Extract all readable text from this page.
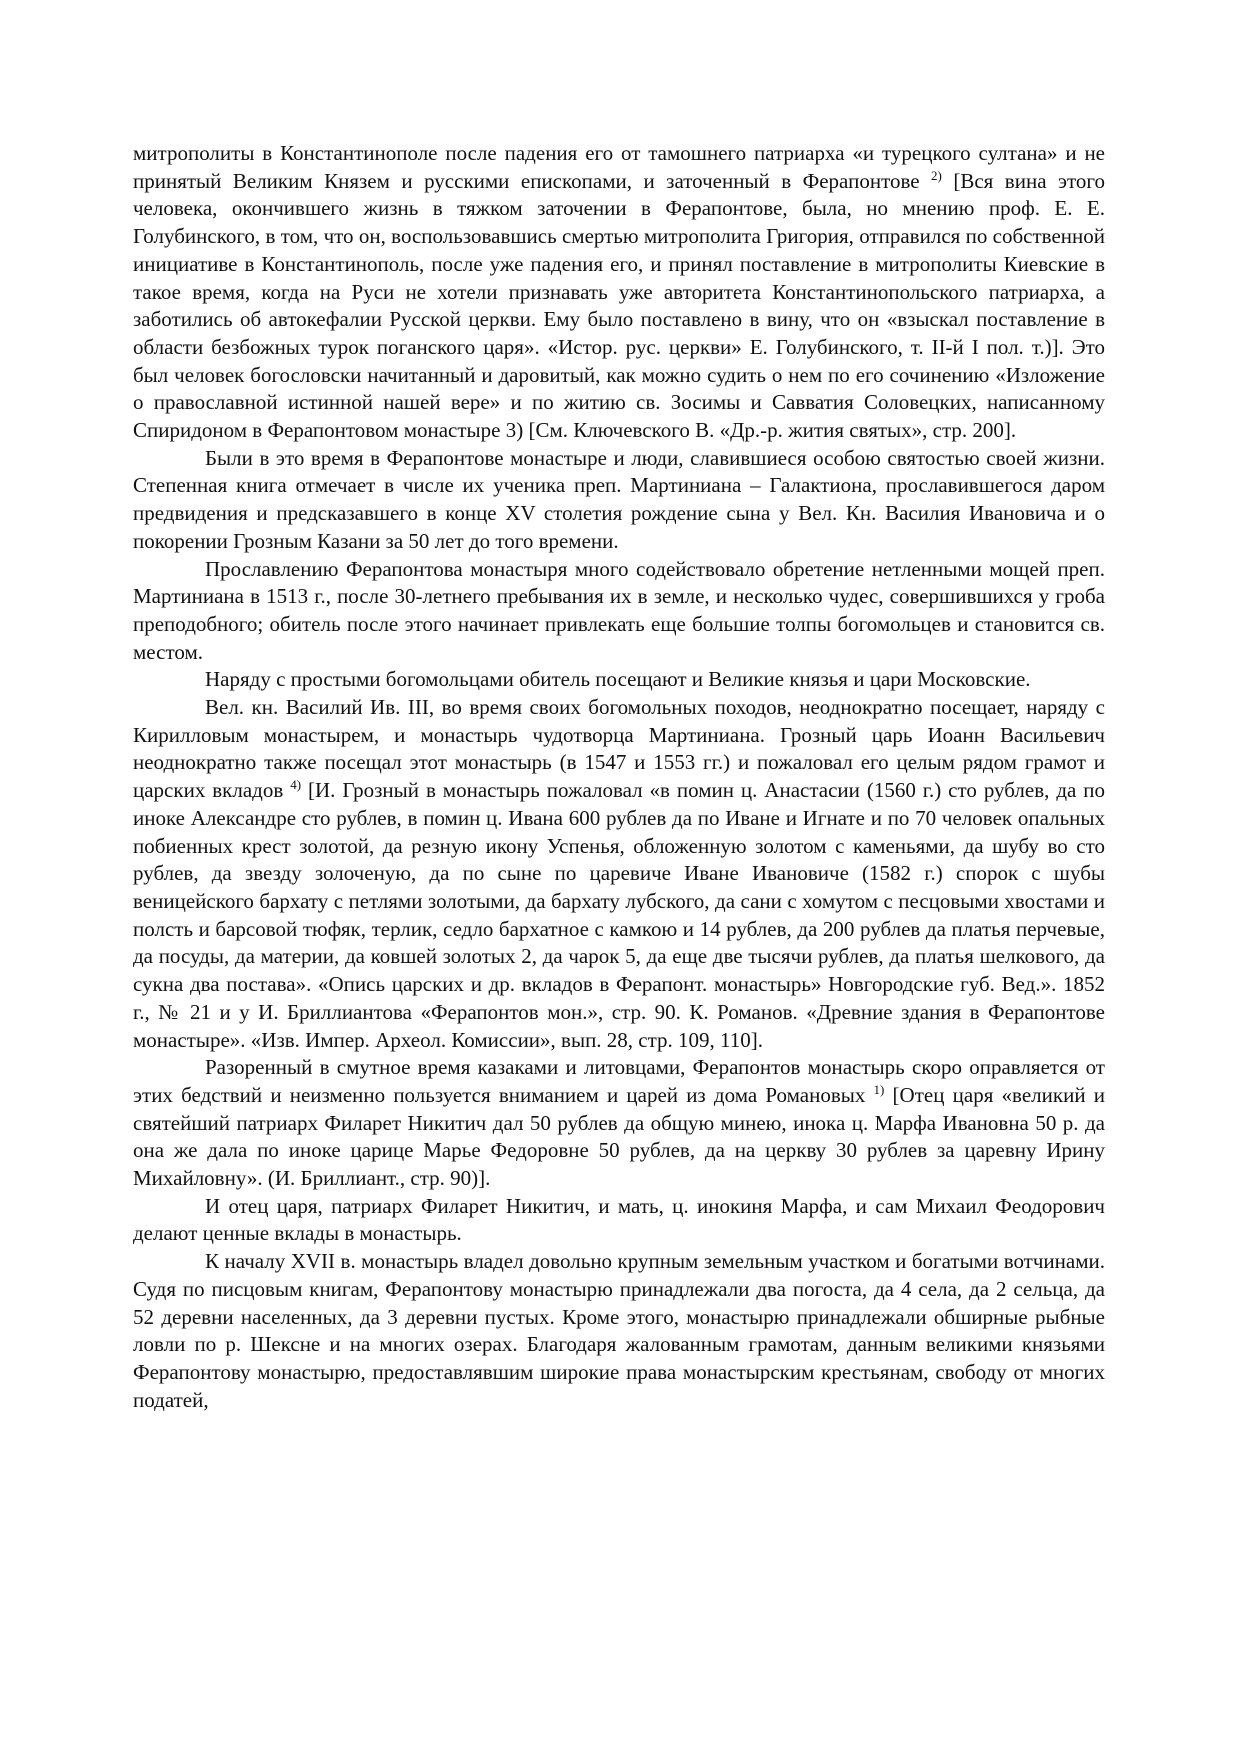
митрополиты в Константинополе после падения его от тамошнего патриарха «и турецкого султана» и не принятый Великим Князем и русскими епископами, и заточенный в Ферапонтове $^{2)}$ [Вся вина этого человека, окончившего жизнь в тяжком заточении в Ферапонтове, была, но мнению проф. Е. Е. Голубинского, в том, что он, воспользовавшись смертью митрополита Григория, отправился по собственной инициативе в Константинополь, после уже падения его, и принял поставление в митрополиты Киевские в такое время, когда на Руси не хотели признавать уже авторитета Константинопольского патриарха, а заботились об автокефалии Русской церкви. Ему было поставлено в вину, что он «взыскал поставление в области безбожных турок поганского царя». «Истор. рус. церкви» Е. Голубинского, т. II-й I пол. т.)]. Это был человек богословски начитанный и даровитый, как можно судить о нем по его сочинению «Изложение о православной истинной нашей вере» и по житию св. Зосимы и Савватия Соловецких, написанному Спиридоном в Ферапонтовом монастыре 3) [См. Ключевского В. «Др.-р. жития святых», стр. 200].

Были в это время в Ферапонтове монастыре и люди, славившиеся особою святостью своей жизни. Степенная книга отмечает в числе их ученика преп. Мартиниана – Галактиона, прославившегося даром предвидения и предсказавшего в конце XV столетия рождение сына у Вел. Кн. Василия Ивановича и о покорении Грозным Казани за 50 лет до того времени.

Прославлению Ферапонтова монастыря много содействовало обретение нетленными мощей преп. Мартиниана в 1513 г., после 30-летнего пребывания их в земле, и несколько чудес, совершившихся у гроба преподобного; обитель после этого начинает привлекать еще большие толпы богомольцев и становится св. местом.

Наряду с простыми богомольцами обитель посещают и Великие князья и цари Московские.

Вел. кн. Василий Ив. III, во время своих богомольных походов, неоднократно посещает, наряду с Кирилловым монастырем, и монастырь чудотворца Мартиниана. Грозный царь Иоанн Васильевич неоднократно также посещал этот монастырь (в 1547 и 1553 гг.) и пожаловал его целым рядом грамот и царских вкладов $^{4)}$ [И. Грозный в монастырь пожаловал «в помин ц. Анастасии (1560 г.) сто рублев, да по иноке Александре сто рублев, в помин ц. Ивана 600 рублев да по Иване и Игнате и по 70 человек опальных побиенных крест золотой, да резную икону Успенья, обложенную золотом с каменьями, да шубу во сто рублев, да звезду золоченую, да по сыне по царевиче Иване Ивановиче (1582 г.) спорок с шубы веницейского бархату с петлями золотыми, да бархату лубского, да сани с хомутом с песцовыми хвостами и полсть и барсовой тюфяк, терлик, седло бархатное с камкою и 14 рублев, да 200 рублев да платья перчевые, да посуды, да материи, да ковшей золотых 2, да чарок 5, да еще две тысячи рублев, да платья шелкового, да сукна два постава». «Опись царских и др. вкладов в Ферапонт. монастырь» Новгородские губ. Вед.». 1852 г., № 21 и у И. Бриллиантова «Ферапонтов мон.», стр. 90. К. Романов. «Древние здания в Ферапонтове монастыре». «Изв. Импер. Археол. Комиссии», вып. 28, стр. 109, 110].

Разоренный в смутное время казаками и литовцами, Ферапонтов монастырь скоро оправляется от этих бедствий и неизменно пользуется вниманием и царей из дома Романовых $^{1)}$ [Отец царя «великий и святейший патриарх Филарет Никитич дал 50 рублев да общую минею, инока ц. Марфа Ивановна 50 р. да она же дала по иноке царице Марье Федоровне 50 рублев, да на церкву 30 рублев за царевну Ирину Михайловну». (И. Бриллиант., стр. 90)].

И отец царя, патриарх Филарет Никитич, и мать, ц. инокиня Марфа, и сам Михаил Феодорович делают ценные вклады в монастырь.

К началу XVII в. монастырь владел довольно крупным земельным участком и богатыми вотчинами. Судя по писцовым книгам, Ферапонтову монастырю принадлежали два погоста, да 4 села, да 2 сельца, да 52 деревни населенных, да 3 деревни пустых. Кроме этого, монастырю принадлежали обширные рыбные ловли по р. Шексне и на многих озерах. Благодаря жалованным грамотам, данным великими князьями Ферапонтову монастырю, предоставлявшим широкие права монастырским крестьянам, свободу от многих податей,
